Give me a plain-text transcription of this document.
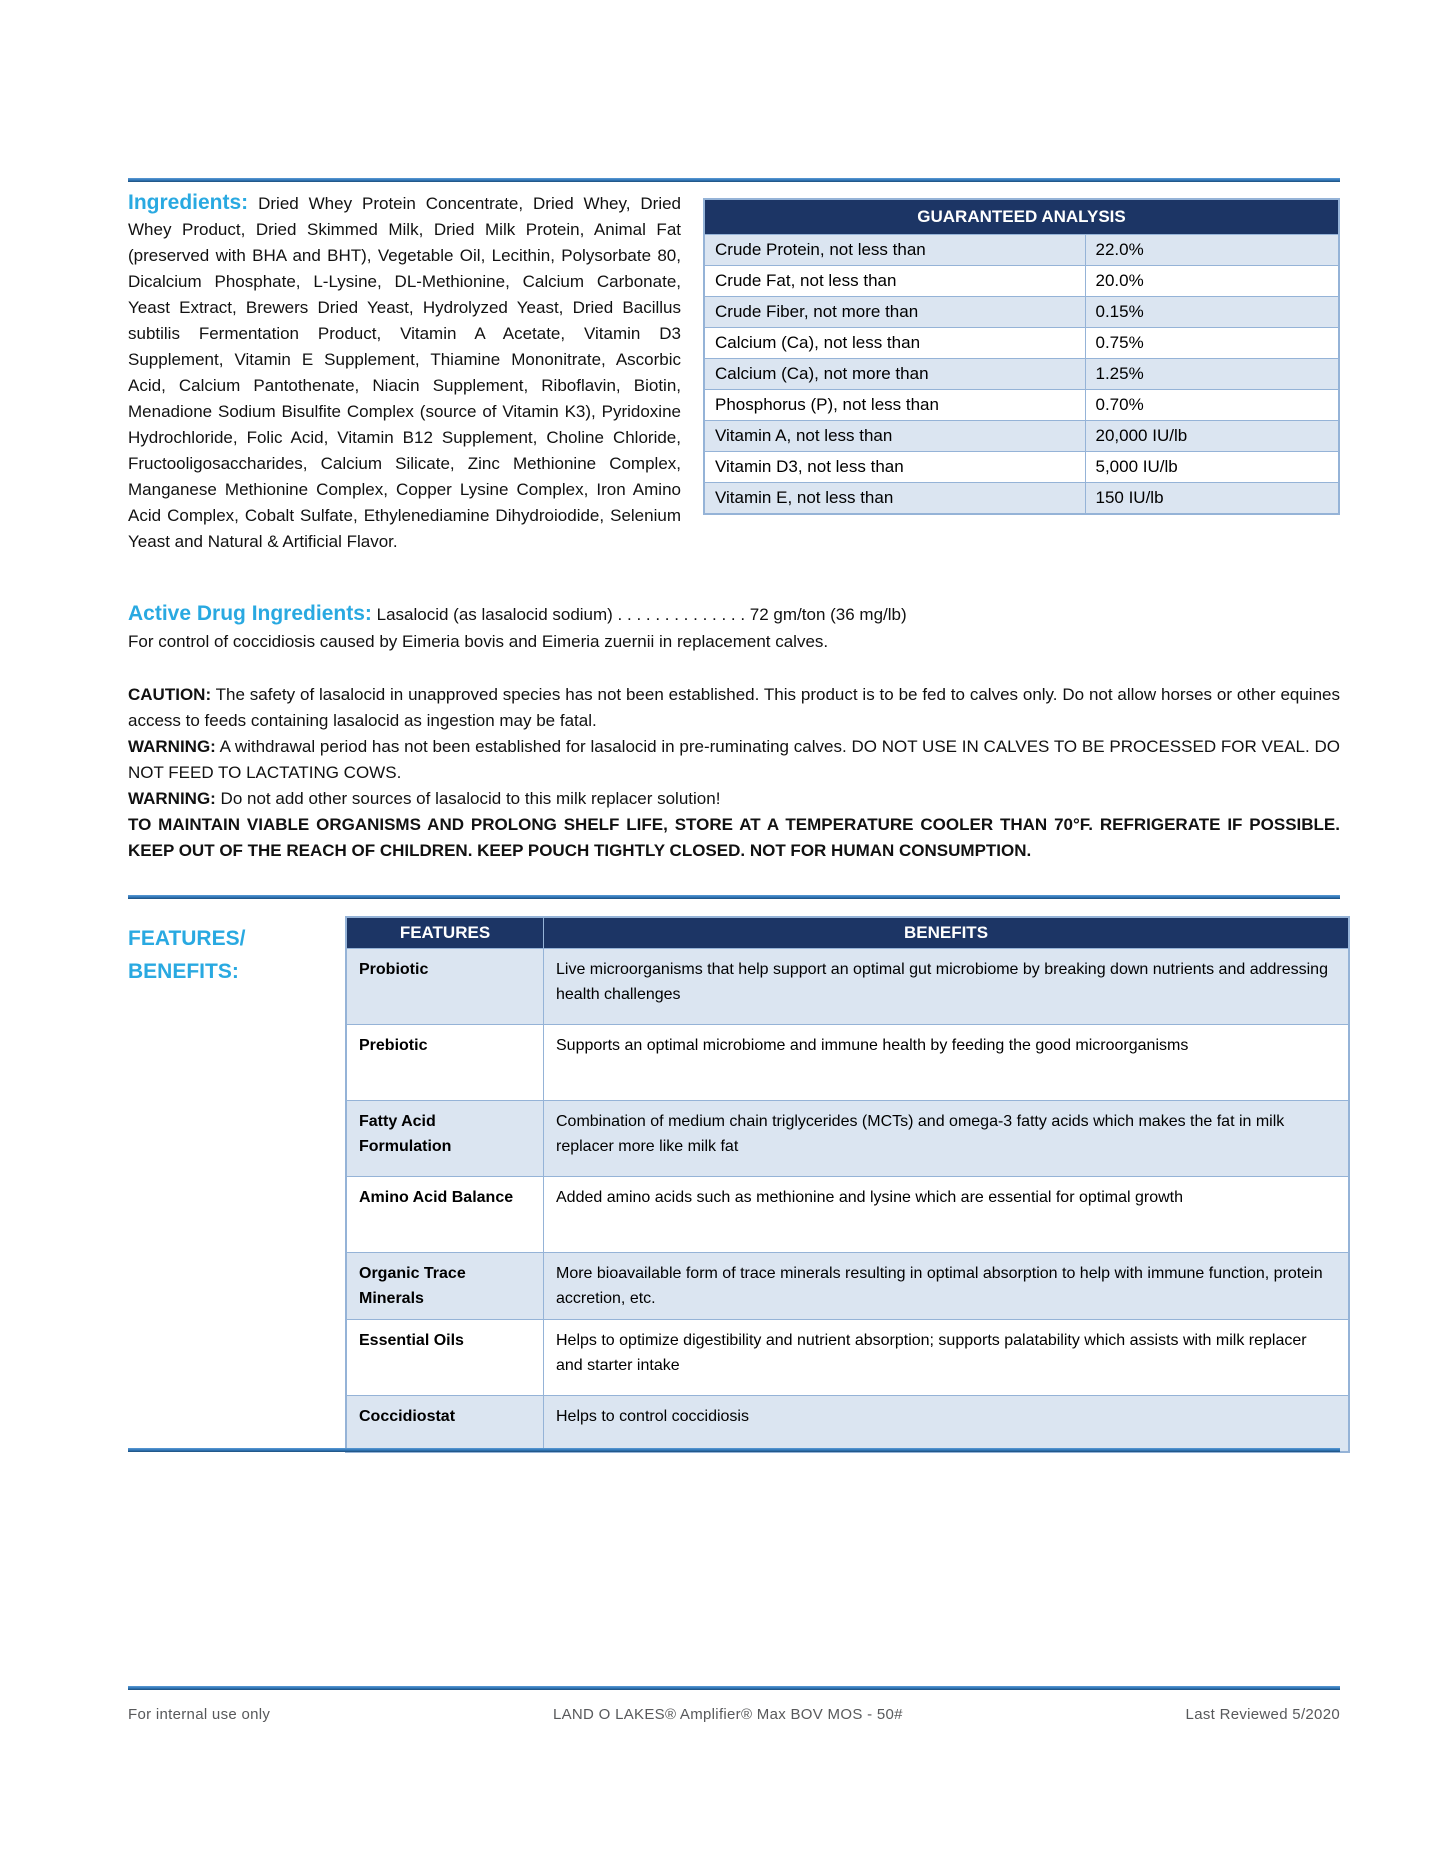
GUARANTEED ANALYSIS	
Crude Protein, not less than	22.0%
Crude Fat, not less than	20.0%
Crude Fiber, not more than	0.15%
Calcium (Ca), not less than	0.75%
Calcium (Ca), not more than	1.25%
Phosphorus (P), not less than	0.70%
Vitamin A, not less than	20,000 IU/lb
Vitamin D3, not less than	5,000 IU/lb
Vitamin E, not less than	150 IU/lb

Ingredients: Dried Whey Protein Concentrate, Dried Whey, Dried Whey Product, Dried Skimmed Milk, Dried Milk Protein, Animal Fat (preserved with BHA and BHT), Vegetable Oil, Lecithin, Polysorbate 80, Dicalcium Phosphate, L-Lysine, DL-Methionine, Calcium Carbonate, Yeast Extract, Brewers Dried Yeast, Hydrolyzed Yeast, Dried Bacillus subtilis Fermentation Product, Vitamin A Acetate, Vitamin D3 Supplement, Vitamin E Supplement, Thiamine Mononitrate, Ascorbic Acid, Calcium Pantothenate, Niacin Supplement, Riboflavin, Biotin, Menadione Sodium Bisulfite Complex (source of Vitamin K3), Pyridoxine Hydrochloride, Folic Acid, Vitamin B12 Supplement, Choline Chloride, Fructooligosaccharides, Calcium Silicate, Zinc Methionine Complex, Manganese Methionine Complex, Copper Lysine Complex, Iron Amino Acid Complex, Cobalt Sulfate, Ethylenediamine Dihydroiodide, Selenium Yeast and Natural & Artificial Flavor.

Active Drug Ingredients: Lasalocid (as lasalocid sodium) . . . . . . . . . . . . . . 72 gm/ton (36 mg/lb)
For control of coccidiosis caused by Eimeria bovis and Eimeria zuernii in replacement calves.

CAUTION: The safety of lasalocid in unapproved species has not been established. This product is to be fed to calves only. Do not allow horses or other equines access to feeds containing lasalocid as ingestion may be fatal.

WARNING: A withdrawal period has not been established for lasalocid in pre-ruminating calves. DO NOT USE IN CALVES TO BE PROCESSED FOR VEAL. DO NOT FEED TO LACTATING COWS.

WARNING: Do not add other sources of lasalocid to this milk replacer solution!

TO MAINTAIN VIABLE ORGANISMS AND PROLONG SHELF LIFE, STORE AT A TEMPERATURE COOLER THAN 70°F. REFRIGERATE IF POSSIBLE. KEEP OUT OF THE REACH OF CHILDREN. KEEP POUCH TIGHTLY CLOSED. NOT FOR HUMAN CONSUMPTION.

FEATURES/
BENEFITS:
FEATURES	BENEFITS
Probiotic	Live microorganisms that help support an optimal gut microbiome by breaking down nutrients and addressing health challenges
Prebiotic	Supports an optimal microbiome and immune health by feeding the good microorganisms
Fatty Acid Formulation	Combination of medium chain triglycerides (MCTs) and omega-3 fatty acids which makes the fat in milk replacer more like milk fat
Amino Acid Balance	Added amino acids such as methionine and lysine which are essential for optimal growth
Organic Trace Minerals	More bioavailable form of trace minerals resulting in optimal absorption to help with immune function, protein accretion, etc.
Essential Oils	Helps to optimize digestibility and nutrient absorption; supports palatability which assists with milk replacer and starter intake
Coccidiostat	Helps to control coccidiosis
For internal use only	LAND O LAKES® Amplifier® Max BOV MOS - 50#	Last Reviewed 5/2020
